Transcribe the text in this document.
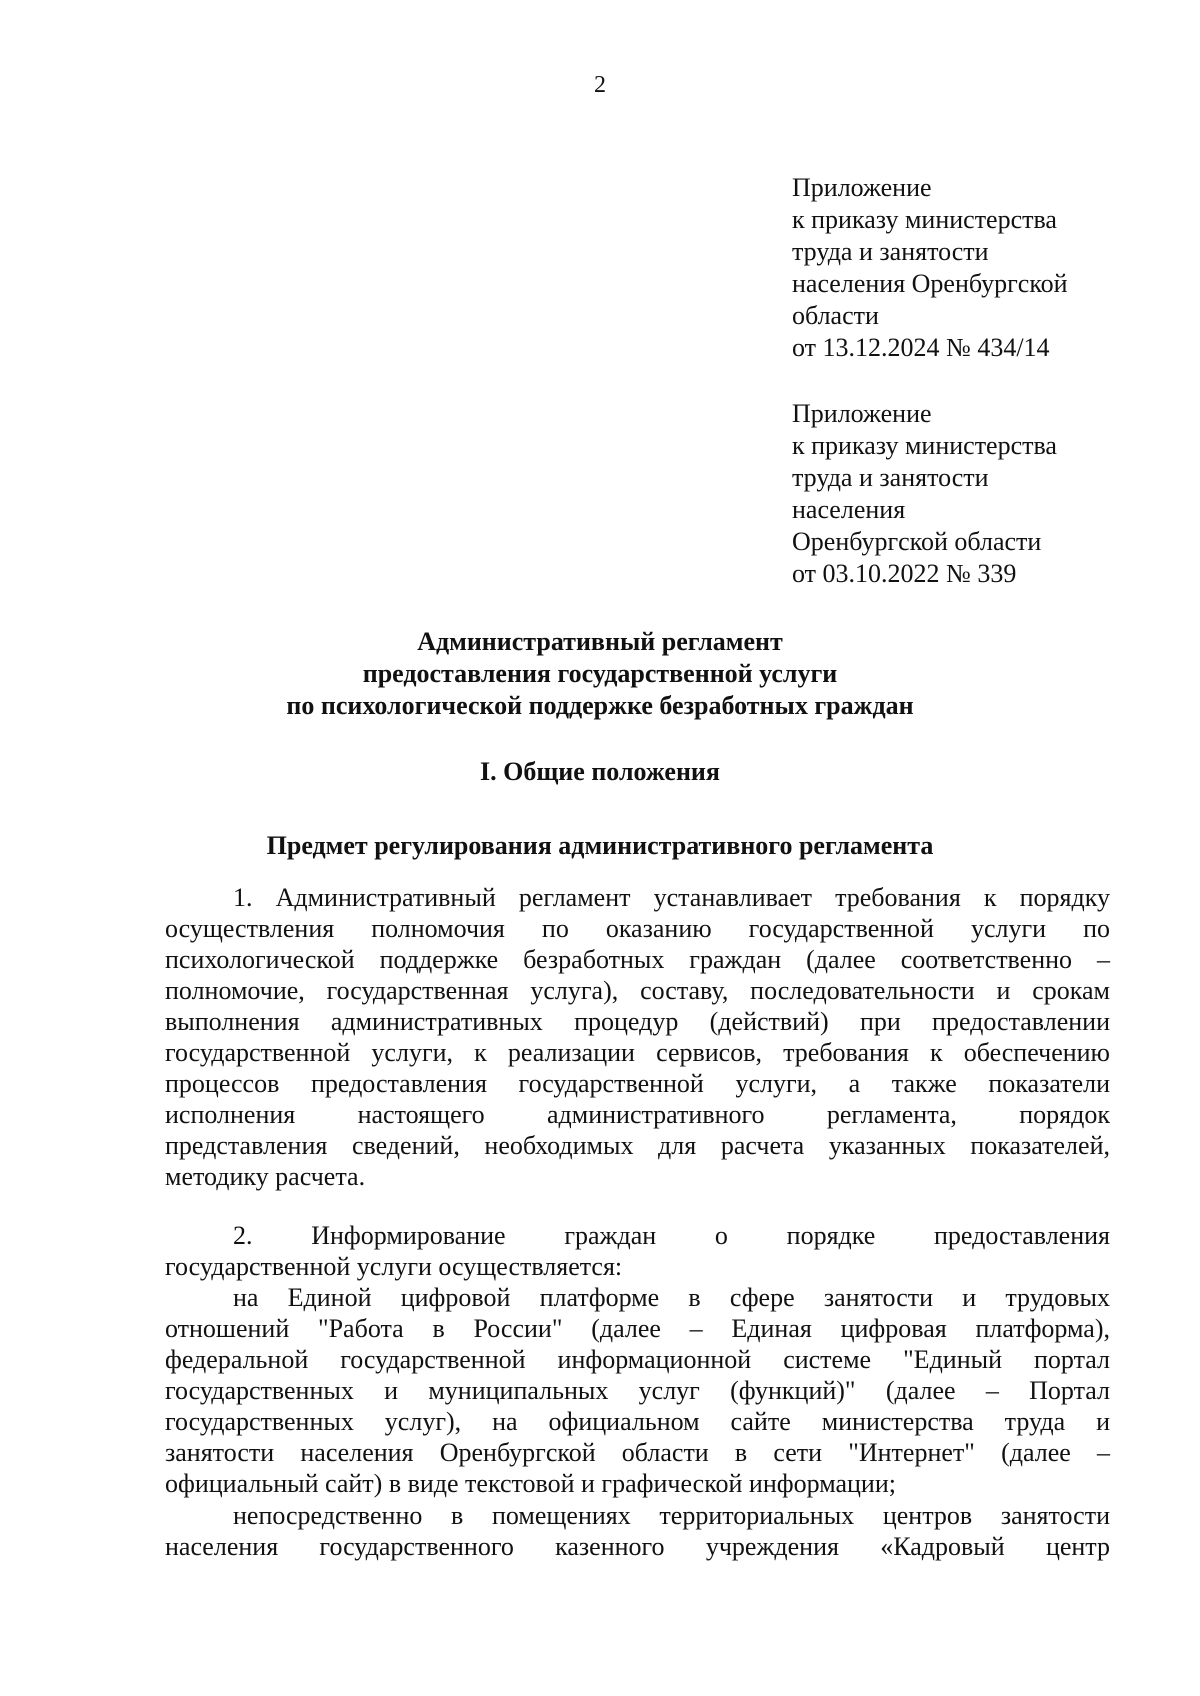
2
Приложение
к приказу министерства
труда и занятости
населения Оренбургской
области
от 13.12.2024 № 434/14
Приложение
к приказу министерства
труда и занятости
населения
Оренбургской области
от 03.10.2022 № 339
Административный регламент
предоставления государственной услуги
по психологической поддержке безработных граждан
I. Общие положения
Предмет регулирования административного регламента
1. Административный регламент устанавливает требования к порядку
осуществления полномочия по оказанию государственной услуги по
психологической поддержке безработных граждан (далее соответственно –
полномочие, государственная услуга), составу, последовательности и срокам
выполнения административных процедур (действий) при предоставлении
государственной услуги, к реализации сервисов, требования к обеспечению
процессов предоставления государственной услуги, а также показатели
исполнения настоящего административного регламента, порядок
представления сведений, необходимых для расчета указанных показателей,
методику расчета.
2. Информирование граждан о порядке предоставления
государственной услуги осуществляется:
на Единой цифровой платформе в сфере занятости и трудовых
отношений "Работа в России" (далее – Единая цифровая платформа),
федеральной государственной информационной системе "Единый портал
государственных и муниципальных услуг (функций)" (далее – Портал
государственных услуг), на официальном сайте министерства труда и
занятости населения Оренбургской области в сети "Интернет" (далее –
официальный сайт) в виде текстовой и графической информации;
непосредственно в помещениях территориальных центров занятости
населения государственного казенного учреждения «Кадровый центр
